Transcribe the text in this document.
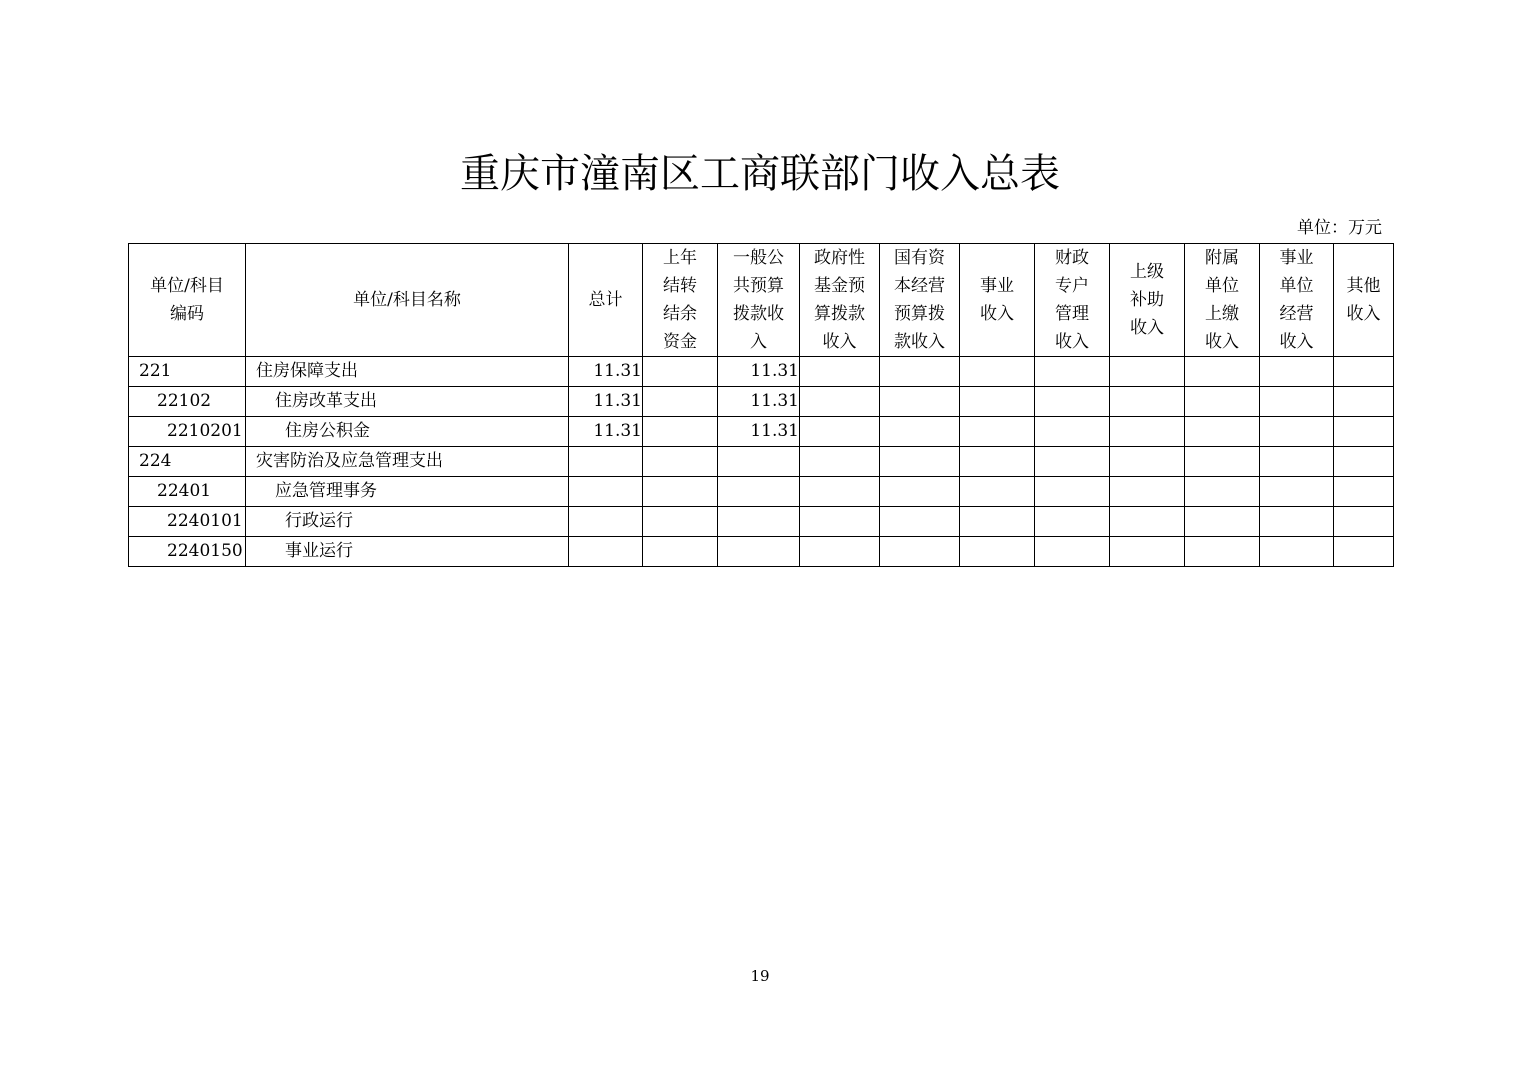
重庆市潼南区工商联部门收入总表
单位：万元
单位/科目
编码	单位/科目名称	总计	上年
结转
结余
资金	一般公
共预算
拨款收
入	政府性
基金预
算拨款
收入	国有资
本经营
预算拨
款收入	事业
收入	财政
专户
管理
收入	上级
补助
收入	附属
单位
上缴
收入	事业
单位
经营
收入	其他
收入
221	住房保障支出	11.31		11.31								
22102	住房改革支出	11.31		11.31								
2210201	住房公积金	11.31		11.31								
224	灾害防治及应急管理支出											
22401	应急管理事务											
2240101	行政运行											
2240150	事业运行											
19
